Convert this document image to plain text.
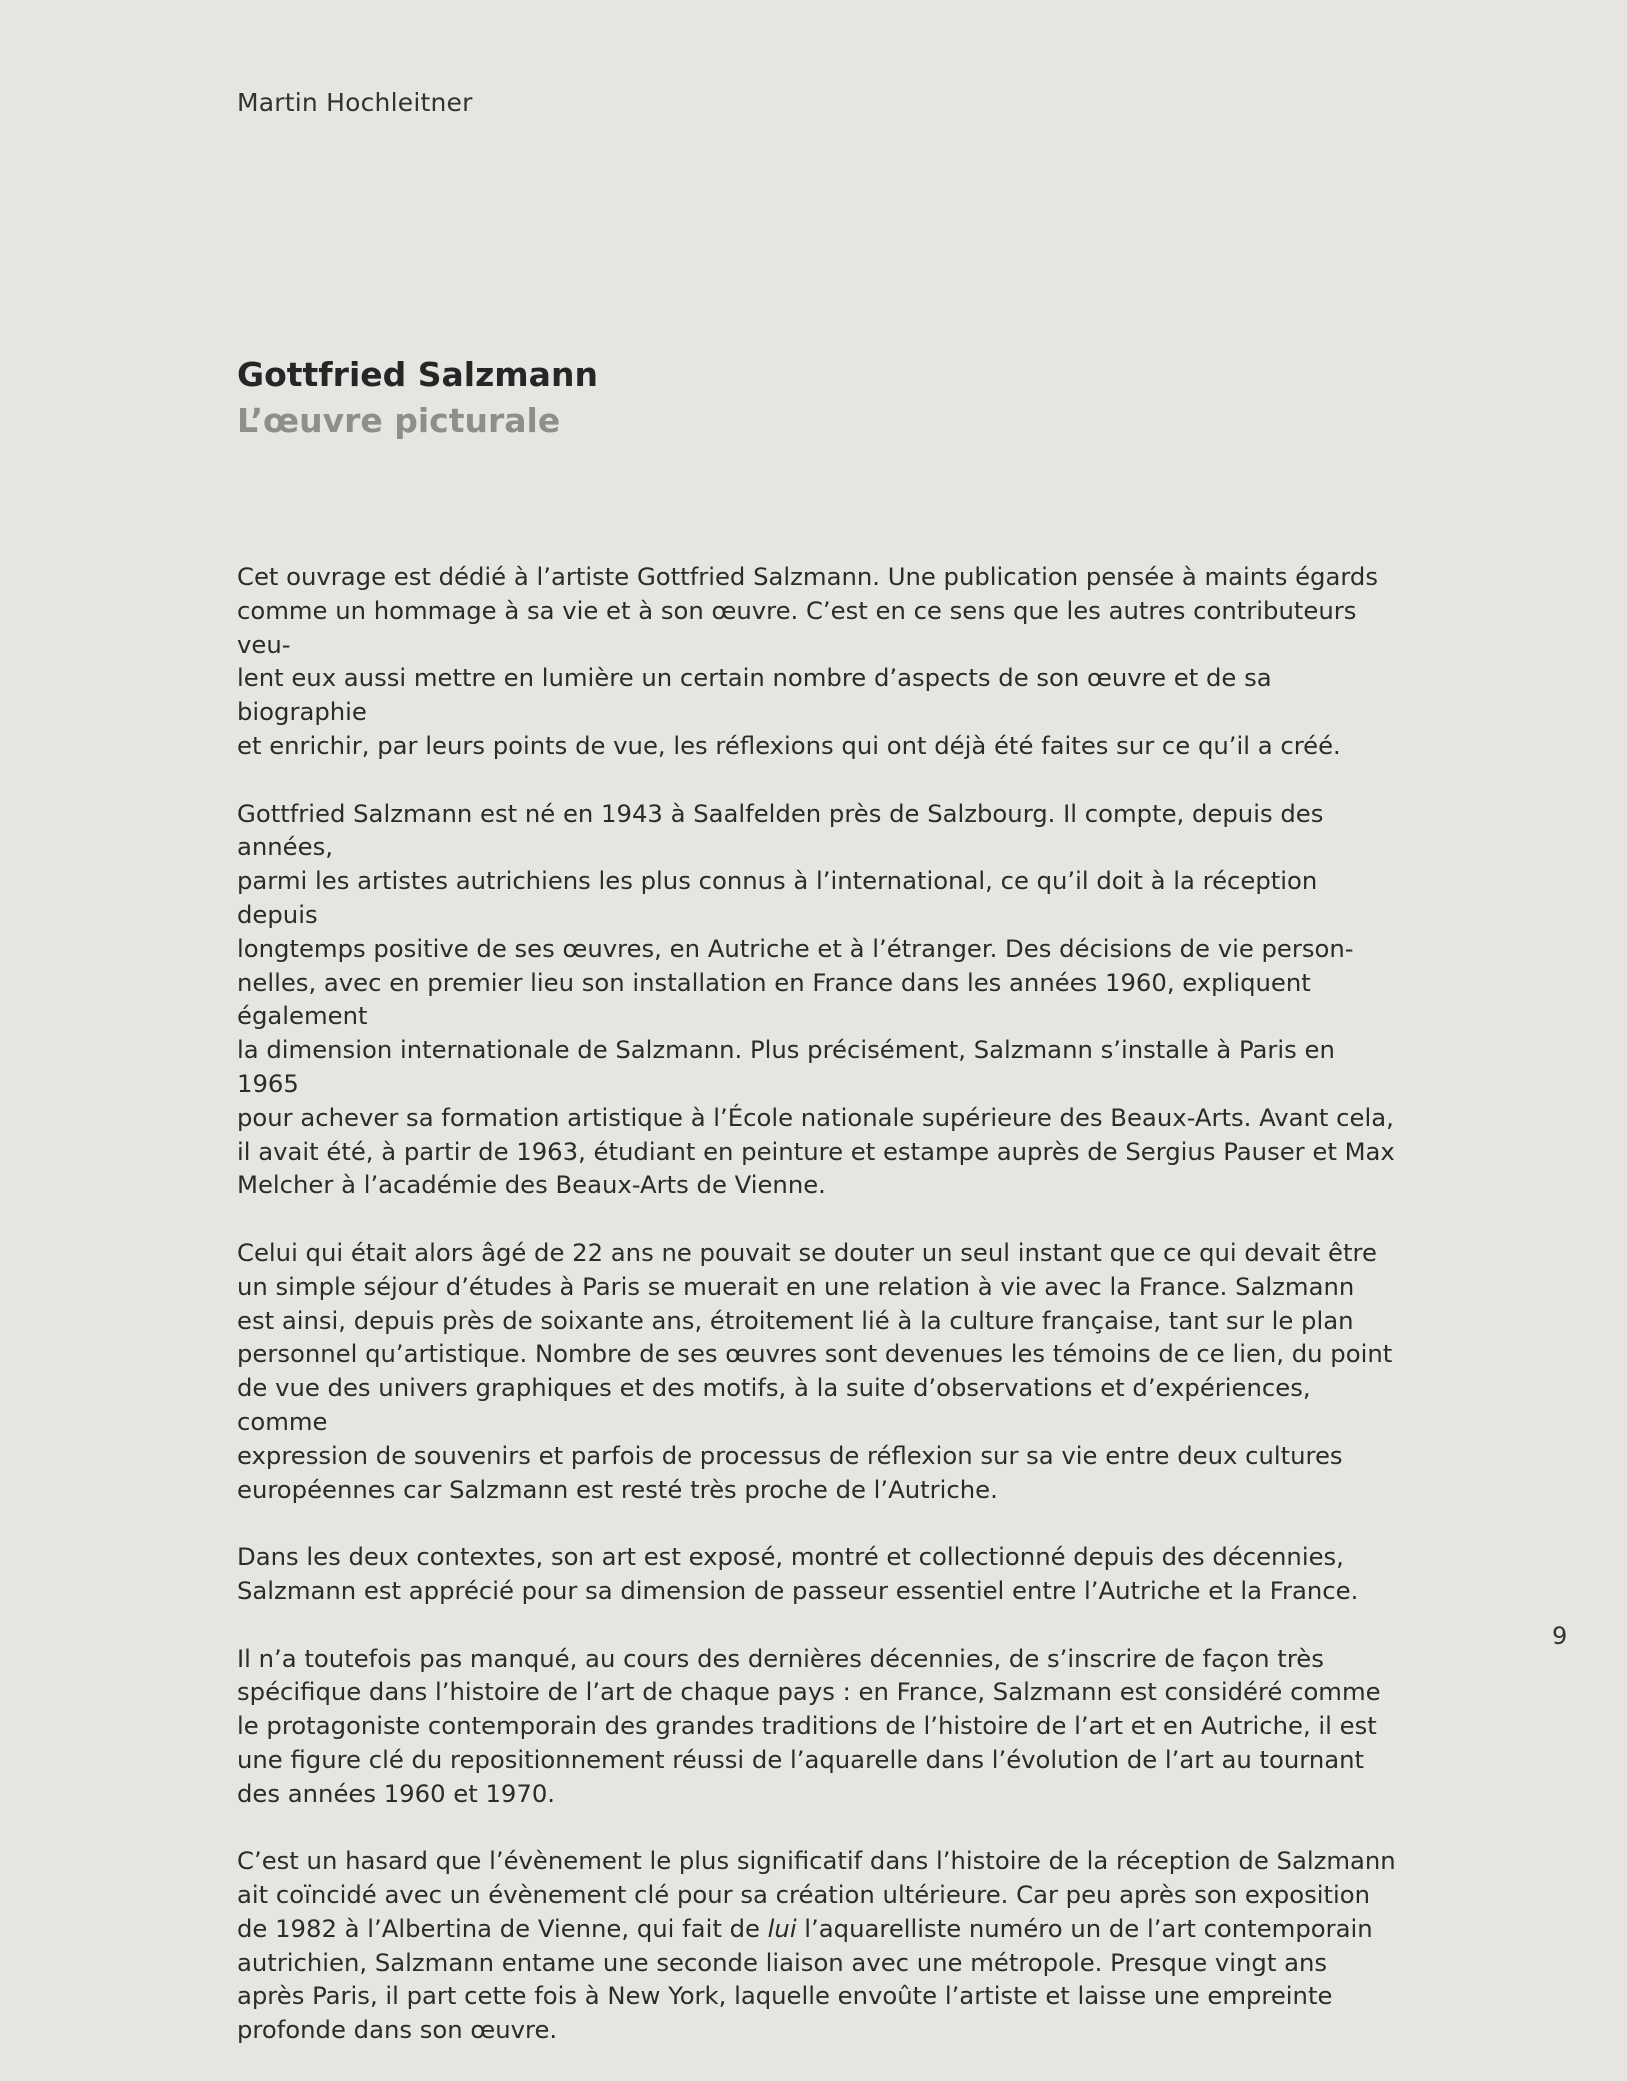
Martin Hochleitner
Gottfried Salzmann
L’œuvre picturale

Cet ouvrage est dédié à l’artiste Gottfried Salzmann. Une publication pensée à maints égards
comme un hommage à sa vie et à son œuvre. C’est en ce sens que les autres contributeurs veu-
lent eux aussi mettre en lumière un certain nombre d’aspects de son œuvre et de sa biographie
et enrichir, par leurs points de vue, les réflexions qui ont déjà été faites sur ce qu’il a créé.

Gottfried Salzmann est né en 1943 à Saalfelden près de Salzbourg. Il compte, depuis des années,
parmi les artistes autrichiens les plus connus à l’international, ce qu’il doit à la réception depuis
longtemps positive de ses œuvres, en Autriche et à l’étranger. Des décisions de vie person-
nelles, avec en premier lieu son installation en France dans les années 1960, expliquent également
la dimension internationale de Salzmann. Plus précisément, Salzmann s’installe à Paris en 1965
pour achever sa formation artistique à l’École nationale supérieure des Beaux-Arts. Avant cela,
il avait été, à partir de 1963, étudiant en peinture et estampe auprès de Sergius Pauser et Max
Melcher à l’académie des Beaux-Arts de Vienne.

Celui qui était alors âgé de 22 ans ne pouvait se douter un seul instant que ce qui devait être
un simple séjour d’études à Paris se muerait en une relation à vie avec la France. Salzmann
est ainsi, depuis près de soixante ans, étroitement lié à la culture française, tant sur le plan
personnel qu’artistique. Nombre de ses œuvres sont devenues les témoins de ce lien, du point
de vue des univers graphiques et des motifs, à la suite d’observations et d’expériences, comme
expression de souvenirs et parfois de processus de réflexion sur sa vie entre deux cultures
européennes car Salzmann est resté très proche de l’Autriche.

Dans les deux contextes, son art est exposé, montré et collectionné depuis des décennies,
Salzmann est apprécié pour sa dimension de passeur essentiel entre l’Autriche et la France.

Il n’a toutefois pas manqué, au cours des dernières décennies, de s’inscrire de façon très
spécifique dans l’histoire de l’art de chaque pays : en France, Salzmann est considéré comme
le protagoniste contemporain des grandes traditions de l’histoire de l’art et en Autriche, il est
une figure clé du repositionnement réussi de l’aquarelle dans l’évolution de l’art au tournant
des années 1960 et 1970.

C’est un hasard que l’évènement le plus significatif dans l’histoire de la réception de Salzmann
ait coïncidé avec un évènement clé pour sa création ultérieure. Car peu après son exposition
de 1982 à l’Albertina de Vienne, qui fait de lui l’aquarelliste numéro un de l’art contemporain
autrichien, Salzmann entame une seconde liaison avec une métropole. Presque vingt ans
après Paris, il part cette fois à New York, laquelle envoûte l’artiste et laisse une empreinte
profonde dans son œuvre.

9
